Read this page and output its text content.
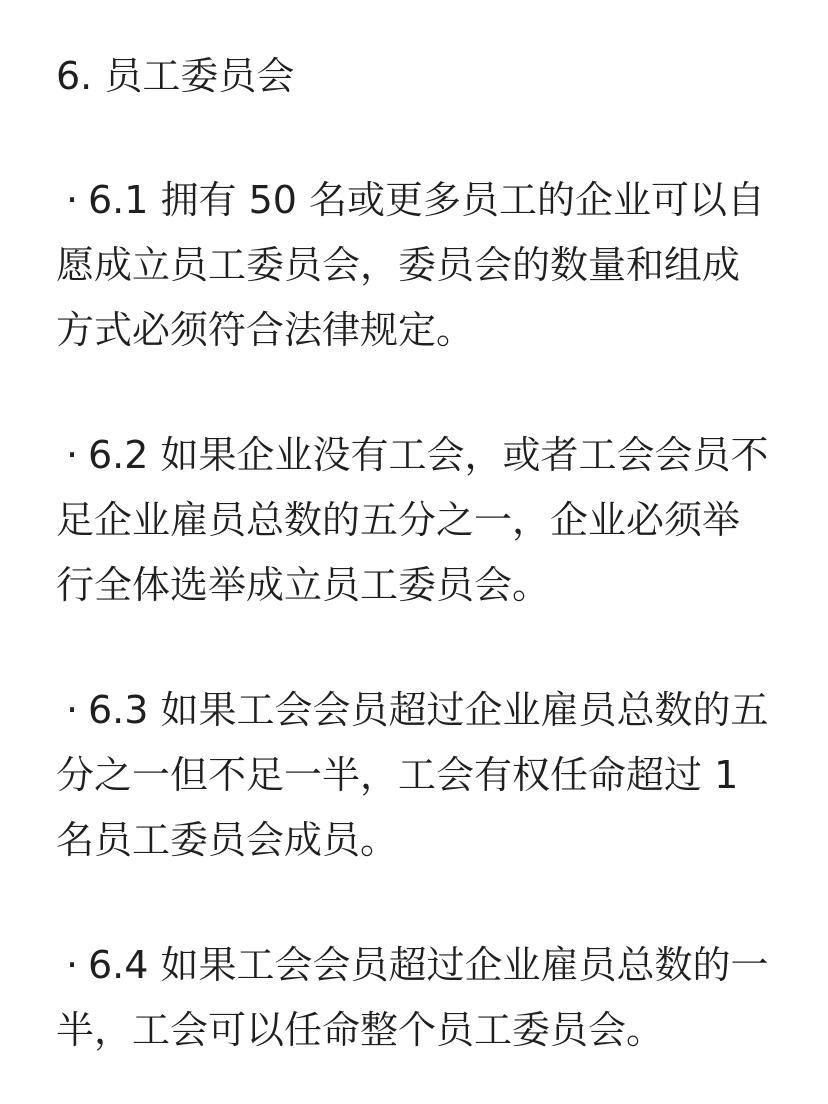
6. 员工委员会
· 6.1 拥有 50 名或更多员工的企业可以自
愿成立员工委员会，委员会的数量和组成
方式必须符合法律规定。
· 6.2 如果企业没有工会，或者工会会员不
足企业雇员总数的五分之一，企业必须举
行全体选举成立员工委员会。
· 6.3 如果工会会员超过企业雇员总数的五
分之一但不足一半，工会有权任命超过 1
名员工委员会成员。
· 6.4 如果工会会员超过企业雇员总数的一
半，工会可以任命整个员工委员会。
